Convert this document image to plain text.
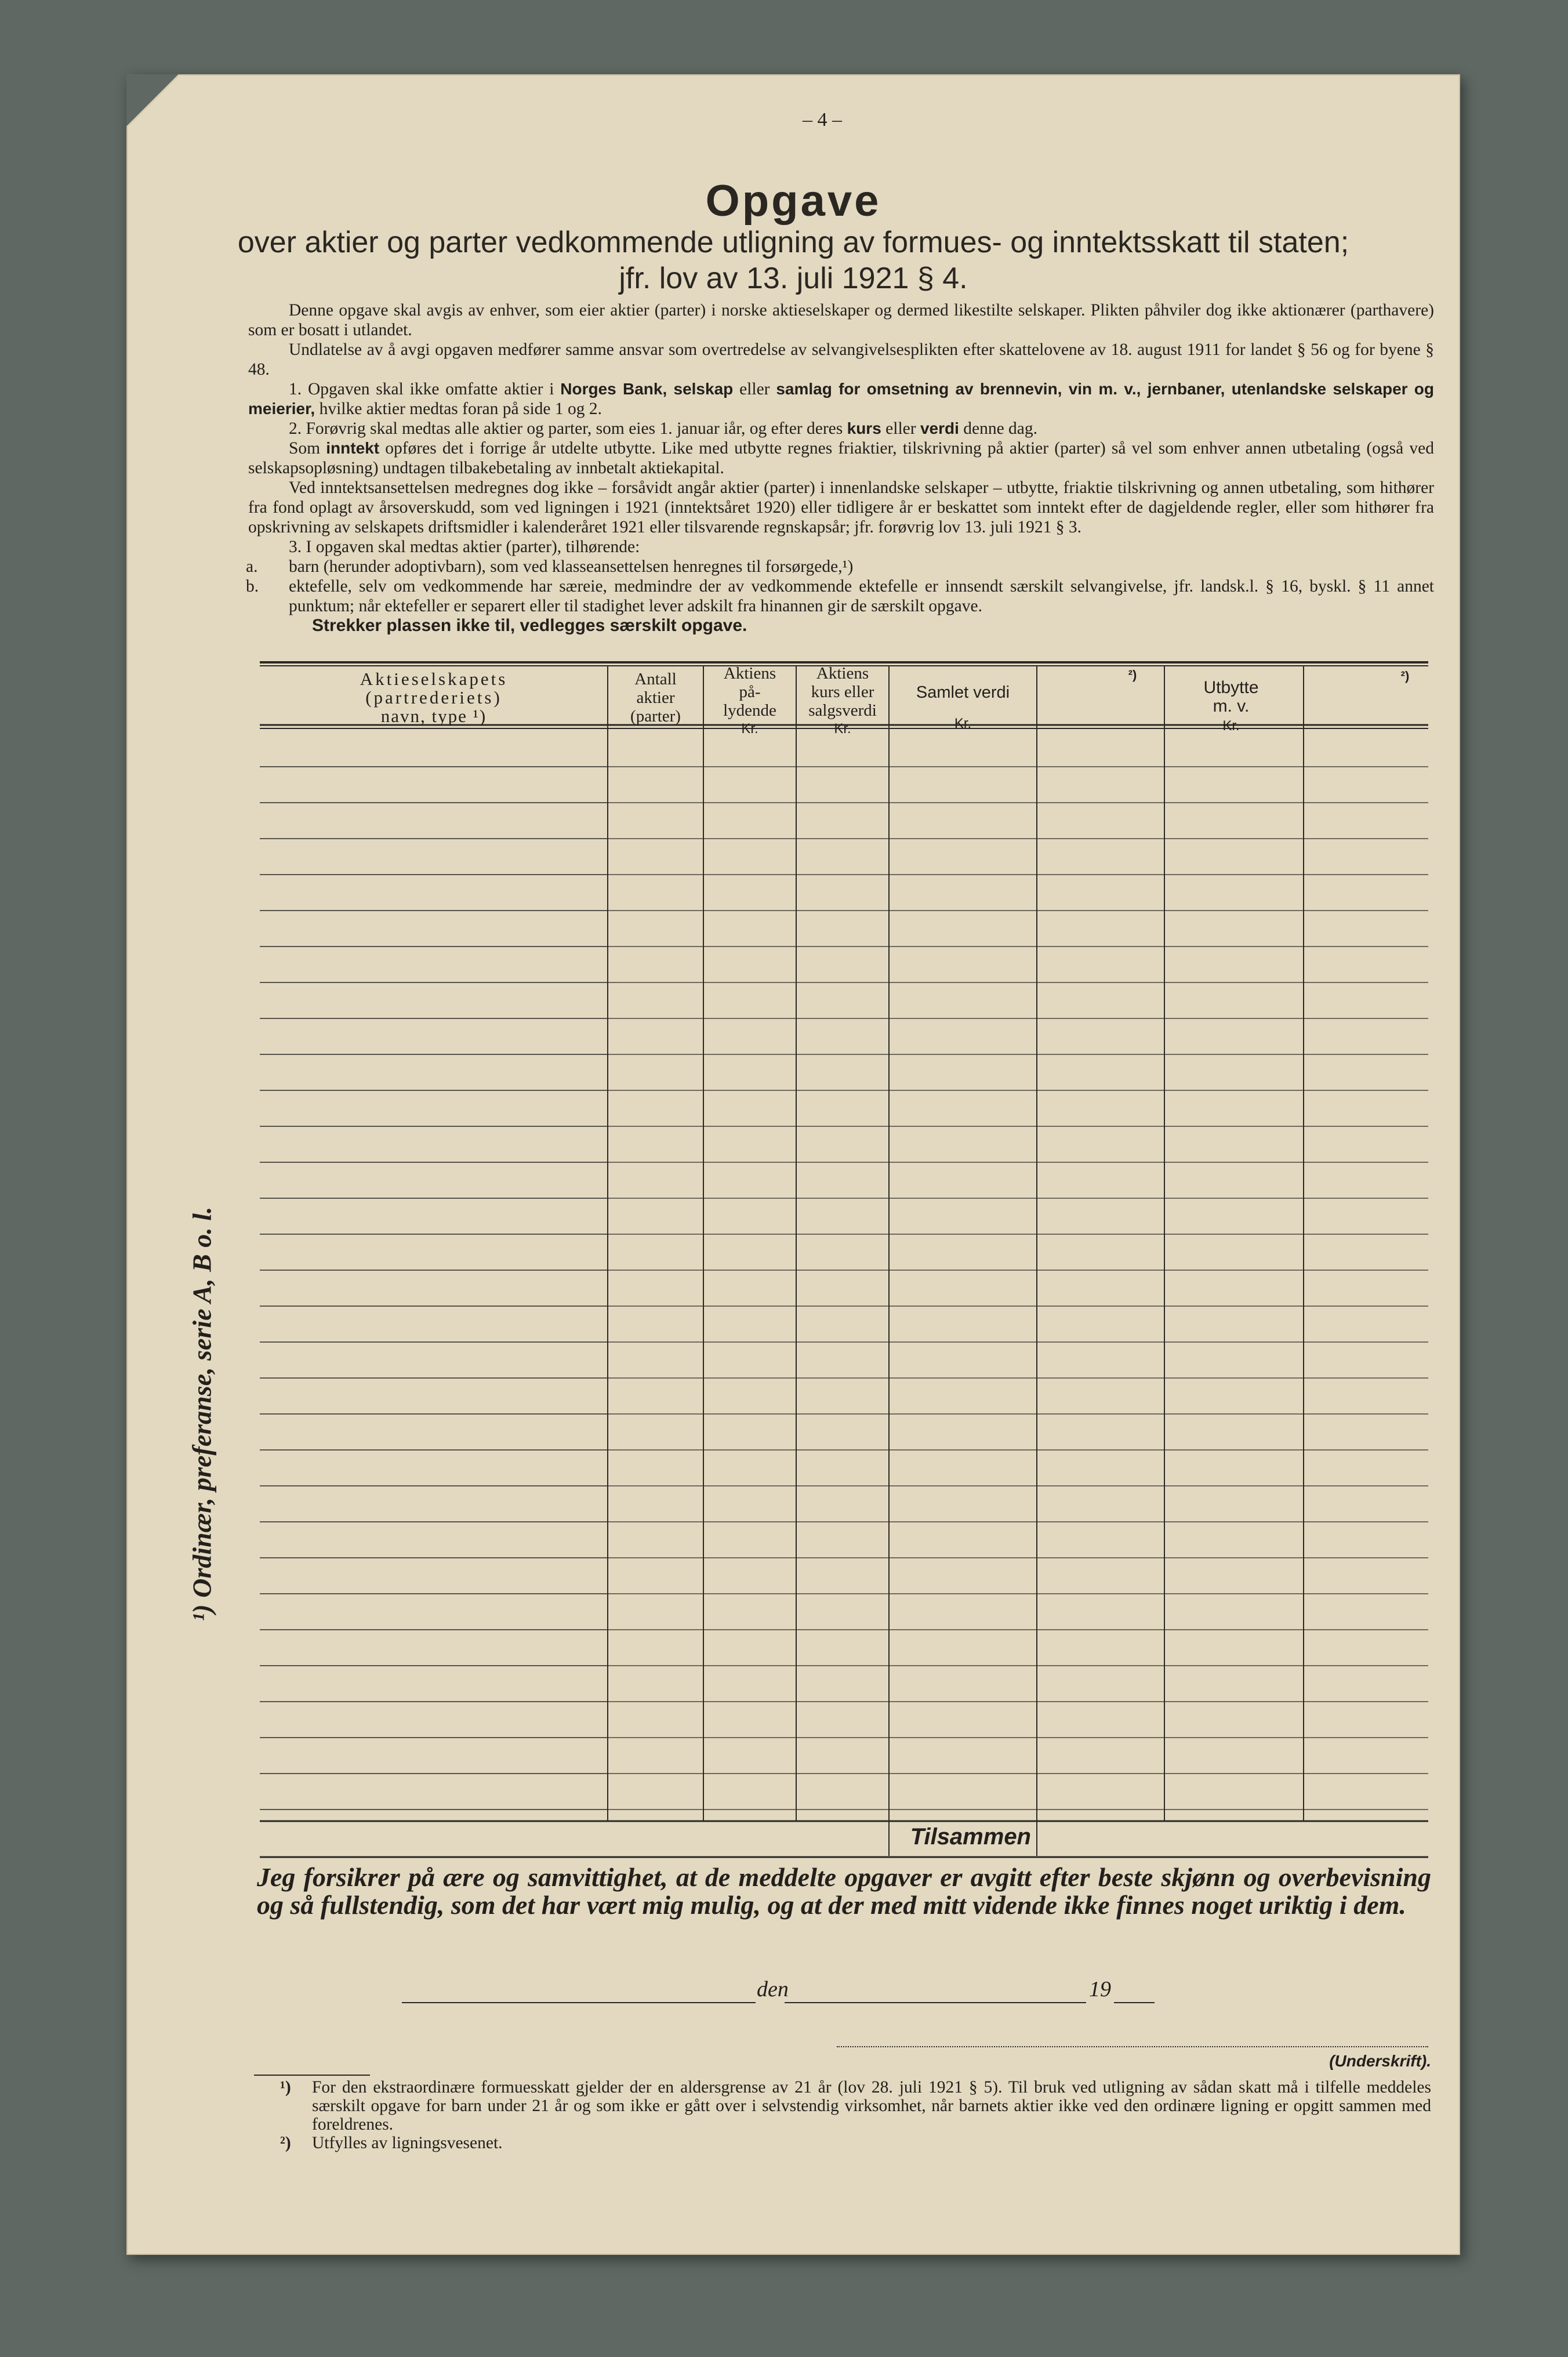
– 4 –
Opgave
over aktier og parter vedkommende utligning av formues- og inntektsskatt til staten;
jfr. lov av 13. juli 1921 § 4.

Denne opgave skal avgis av enhver, som eier aktier (parter) i norske aktieselskaper og dermed likestilte selskaper. Plikten påhviler dog ikke aktionærer (parthavere) som er bosatt i utlandet.

Undlatelse av å avgi opgaven medfører samme ansvar som overtredelse av selvangivelsesplikten efter skattelovene av 18. august 1911 for landet § 56 og for byene § 48.

1. Opgaven skal ikke omfatte aktier i Norges Bank, selskap eller samlag for omsetning av brennevin, vin m. v., jernbaner, utenlandske selskaper og meierier, hvilke aktier medtas foran på side 1 og 2.

2. Forøvrig skal medtas alle aktier og parter, som eies 1. januar iår, og efter deres kurs eller verdi denne dag.

Som inntekt opføres det i forrige år utdelte utbytte. Like med utbytte regnes friaktier, tilskrivning på aktier (parter) så vel som enhver annen utbetaling (også ved selskapsopløsning) undtagen tilbakebetaling av innbetalt aktiekapital.

Ved inntektsansettelsen medregnes dog ikke – forsåvidt angår aktier (parter) i innenlandske selskaper – utbytte, friaktie tilskrivning og annen utbetaling, som hithører fra fond oplagt av årsoverskudd, som ved ligningen i 1921 (inntektsåret 1920) eller tidligere år er beskattet som inntekt efter de dagjeldende regler, eller som hithører fra opskrivning av selskapets driftsmidler i kalenderåret 1921 eller tilsvarende regnskapsår; jfr. forøvrig lov 13. juli 1921 § 3.

3. I opgaven skal medtas aktier (parter), tilhørende:

a. barn (herunder adoptivbarn), som ved klasseansettelsen henregnes til forsørgede,¹)

b. ektefelle, selv om vedkommende har særeie, medmindre der av vedkommende ektefelle er innsendt særskilt selvangivelse, jfr. landsk.l. § 16, byskl. § 11 annet punktum; når ektefeller er separert eller til stadighet lever adskilt fra hinannen gir de særskilt opgave.

Strekker plassen ikke til, vedlegges særskilt opgave.

Aktieselskapets
(partrederiets)
navn, type ¹)
Antall
aktier
(parter)
Aktiens
på-
lydende
Kr.
Aktiens
kurs eller
salgsverdi
Kr.
Samlet verdi
Kr.
²)
Utbytte
m. v.
Kr.
²)
Tilsammen
¹) Ordinær, preferanse, serie A, B o. l.
Jeg forsikrer på ære og samvittighet, at de meddelte opgaver er avgitt efter beste skjønn og overbevisning og så fullstendig, som det har vært mig mulig, og at der med mitt vidende ikke finnes noget uriktig i dem.
den	19
(Underskrift).
¹) For den ekstraordinære formuesskatt gjelder der en aldersgrense av 21 år (lov 28. juli 1921 § 5). Til bruk ved utligning av sådan skatt må i tilfelle meddeles særskilt opgave for barn under 21 år og som ikke er gått over i selvstendig virksomhet, når barnets aktier ikke ved den ordinære ligning er opgitt sammen med foreldrenes.
²) Utfylles av ligningsvesenet.
